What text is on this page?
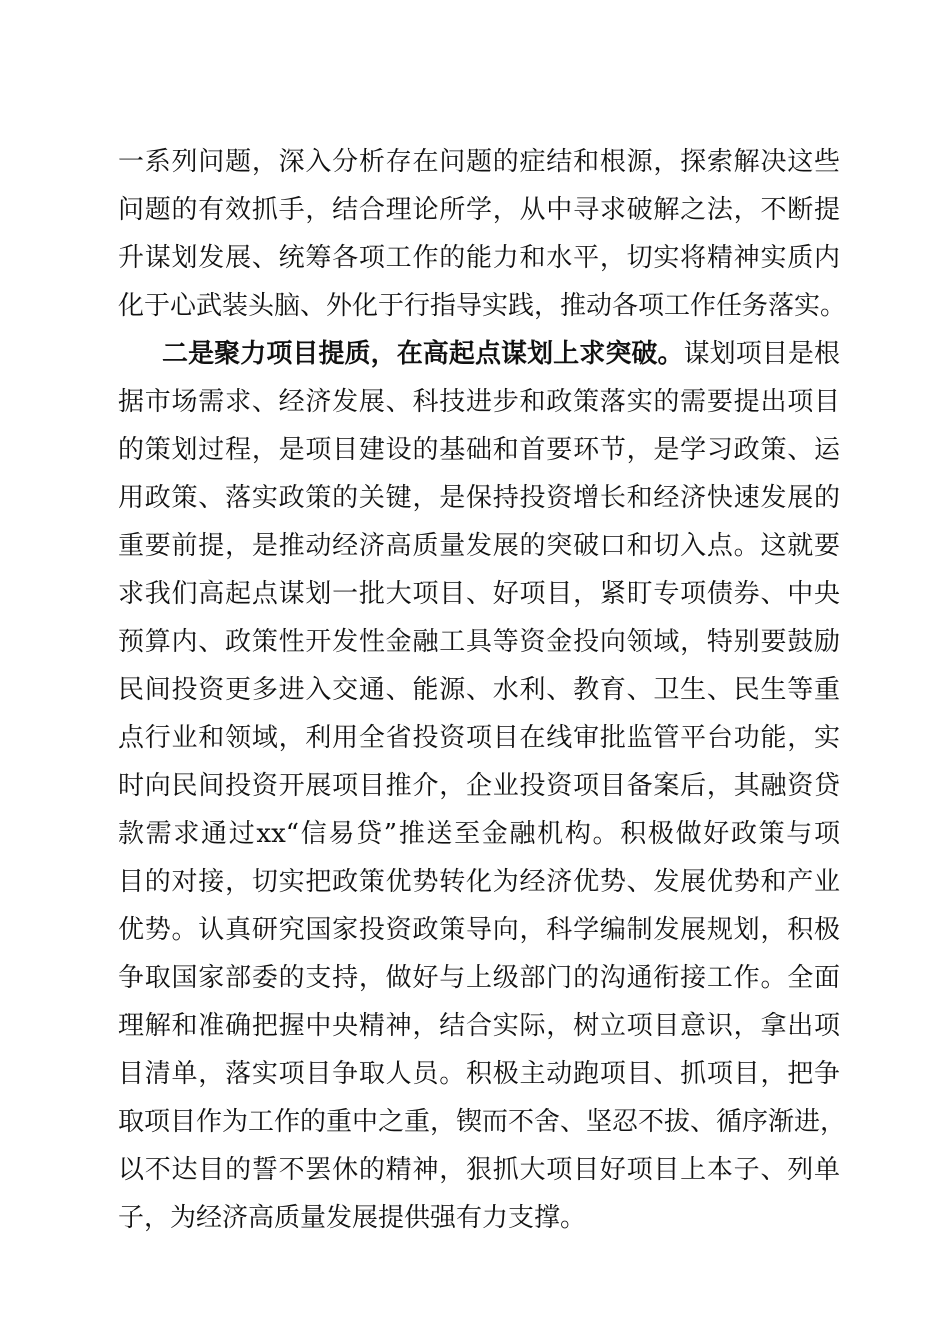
一系列问题，深入分析存在问题的症结和根源，探索解决这些
问题的有效抓手，结合理论所学，从中寻求破解之法，不断提
升谋划发展、统筹各项工作的能力和水平，切实将精神实质内
化于心武装头脑、外化于行指导实践，推动各项工作任务落实。
二是聚力项目提质，在高起点谋划上求突破。谋划项目是根
据市场需求、经济发展、科技进步和政策落实的需要提出项目
的策划过程，是项目建设的基础和首要环节，是学习政策、运
用政策、落实政策的关键，是保持投资增长和经济快速发展的
重要前提，是推动经济高质量发展的突破口和切入点。这就要
求我们高起点谋划一批大项目、好项目，紧盯专项债券、中央
预算内、政策性开发性金融工具等资金投向领域，特别要鼓励
民间投资更多进入交通、能源、水利、教育、卫生、民生等重
点行业和领域，利用全省投资项目在线审批监管平台功能，实
时向民间投资开展项目推介，企业投资项目备案后，其融资贷
款需求通过xx“信易贷”推送至金融机构。积极做好政策与项
目的对接，切实把政策优势转化为经济优势、发展优势和产业
优势。认真研究国家投资政策导向，科学编制发展规划，积极
争取国家部委的支持，做好与上级部门的沟通衔接工作。全面
理解和准确把握中央精神，结合实际，树立项目意识，拿出项
目清单，落实项目争取人员。积极主动跑项目、抓项目，把争
取项目作为工作的重中之重，锲而不舍、坚忍不拔、循序渐进，
以不达目的誓不罢休的精神，狠抓大项目好项目上本子、列单
子，为经济高质量发展提供强有力支撑。
